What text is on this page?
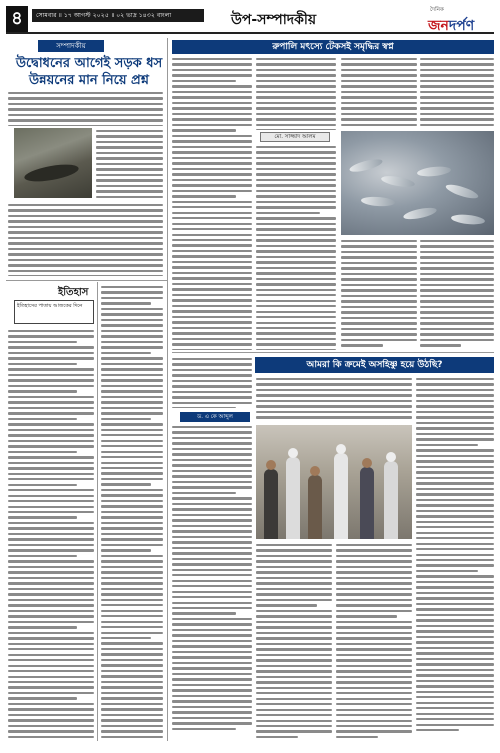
৪	সোমবার ॥ ১৭ আগস্ট ২০২৫ ॥ ০২ ভাদ্র ১৪৩২ বাংলা	উপ-সম্পাদকীয়
দৈনিক
জনদর্পণ
সম্পাদকীয়
উদ্বোধনের আগেই সড়ক ধস উন্নয়নের মান নিয়ে প্রশ্ন
ইতিহাস
ইতিহাসের পাতায় আজকের দিনে
রুপালি মৎস্যে টেকসই সমৃদ্ধির স্বপ্ন
মো. সাজ্জাদ আলম
আমরা কি ক্রমেই অসহিষ্ণু হয়ে উঠছি?
ড. এ কে আব্দুল
